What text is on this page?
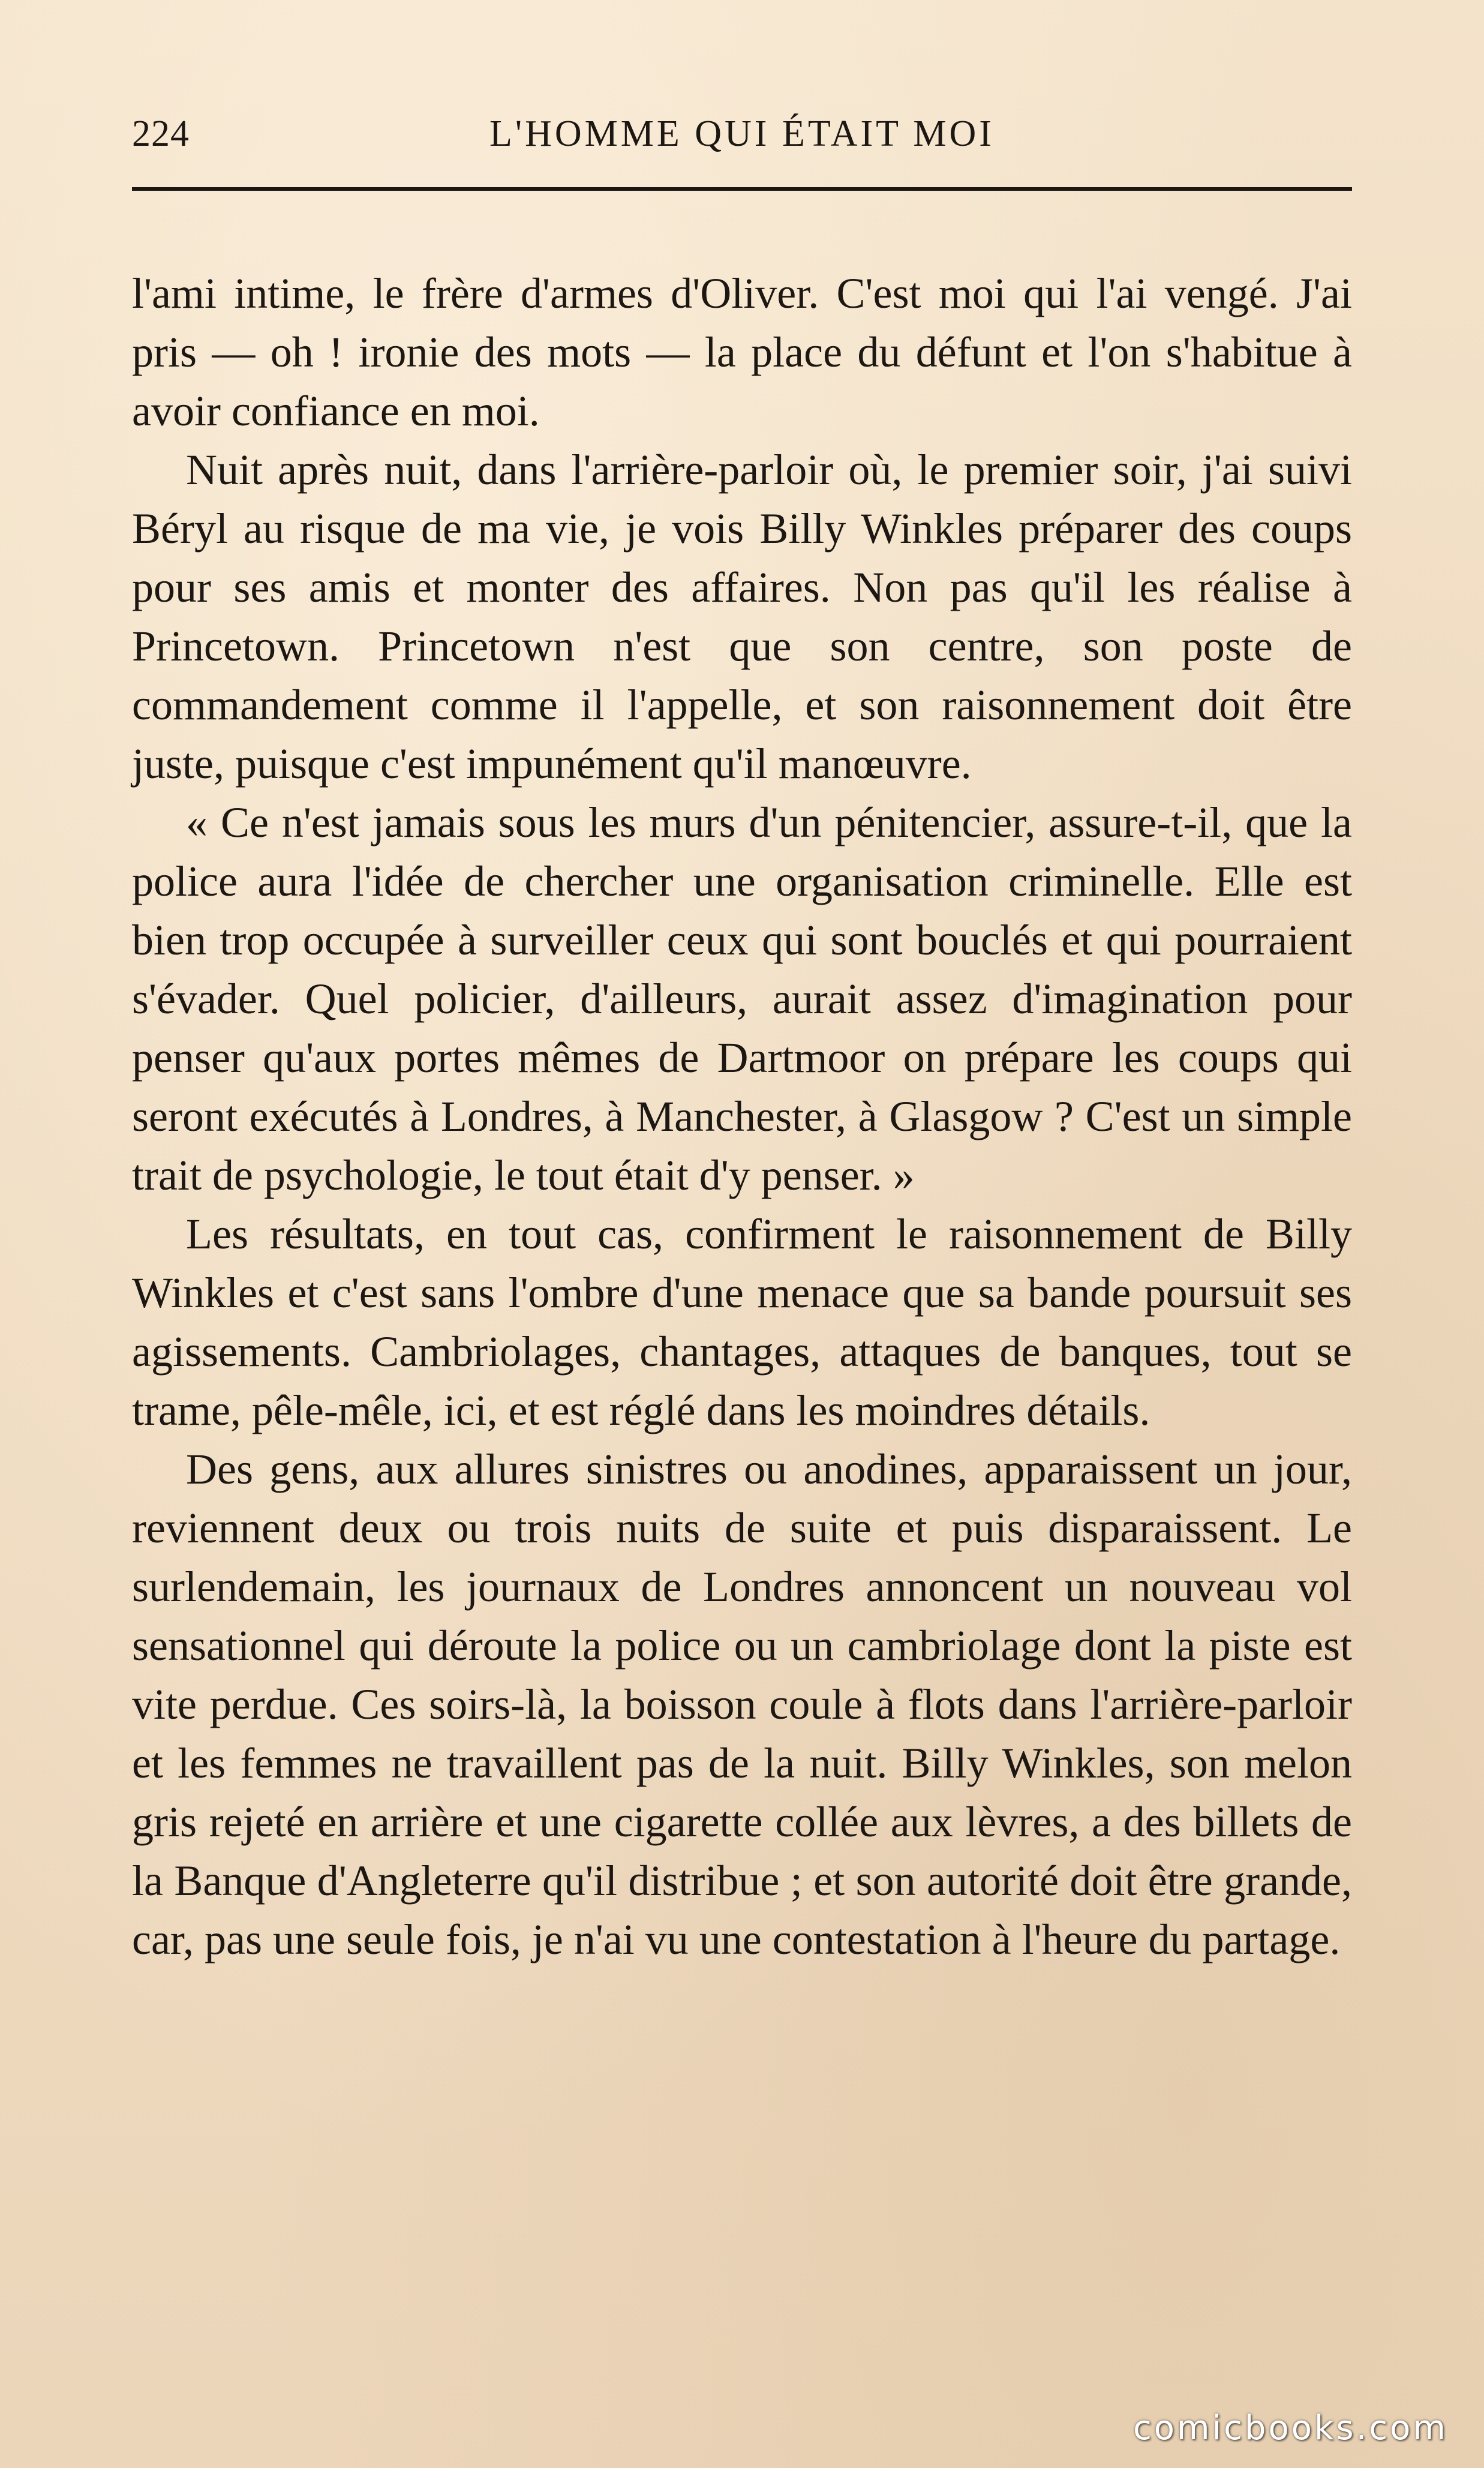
224	L'HOMME QUI ÉTAIT MOI

l'ami intime, le frère d'armes d'Oliver. C'est moi qui l'ai vengé. J'ai pris — oh ! ironie des mots — la place du défunt et l'on s'habitue à avoir confiance en moi.

Nuit après nuit, dans l'arrière-parloir où, le premier soir, j'ai suivi Béryl au risque de ma vie, je vois Billy Winkles préparer des coups pour ses amis et monter des affaires. Non pas qu'il les réalise à Princetown. Princetown n'est que son centre, son poste de commandement comme il l'appelle, et son raisonnement doit être juste, puisque c'est impunément qu'il manœuvre.

« Ce n'est jamais sous les murs d'un pénitencier, assure-t-il, que la police aura l'idée de chercher une organisation criminelle. Elle est bien trop occupée à surveiller ceux qui sont bouclés et qui pourraient s'évader. Quel policier, d'ailleurs, aurait assez d'imagination pour penser qu'aux portes mêmes de Dartmoor on prépare les coups qui seront exécutés à Londres, à Manchester, à Glasgow ? C'est un simple trait de psychologie, le tout était d'y penser. »

Les résultats, en tout cas, confirment le raisonnement de Billy Winkles et c'est sans l'ombre d'une menace que sa bande poursuit ses agissements. Cambriolages, chantages, attaques de banques, tout se trame, pêle-mêle, ici, et est réglé dans les moindres détails.

Des gens, aux allures sinistres ou anodines, apparaissent un jour, reviennent deux ou trois nuits de suite et puis disparaissent. Le surlendemain, les journaux de Londres annoncent un nouveau vol sensationnel qui déroute la police ou un cambriolage dont la piste est vite perdue. Ces soirs-là, la boisson coule à flots dans l'arrière-parloir et les femmes ne travaillent pas de la nuit. Billy Winkles, son melon gris rejeté en arrière et une cigarette collée aux lèvres, a des billets de la Banque d'Angleterre qu'il distribue ; et son autorité doit être grande, car, pas une seule fois, je n'ai vu une contestation à l'heure du partage.

comicbooks.com
